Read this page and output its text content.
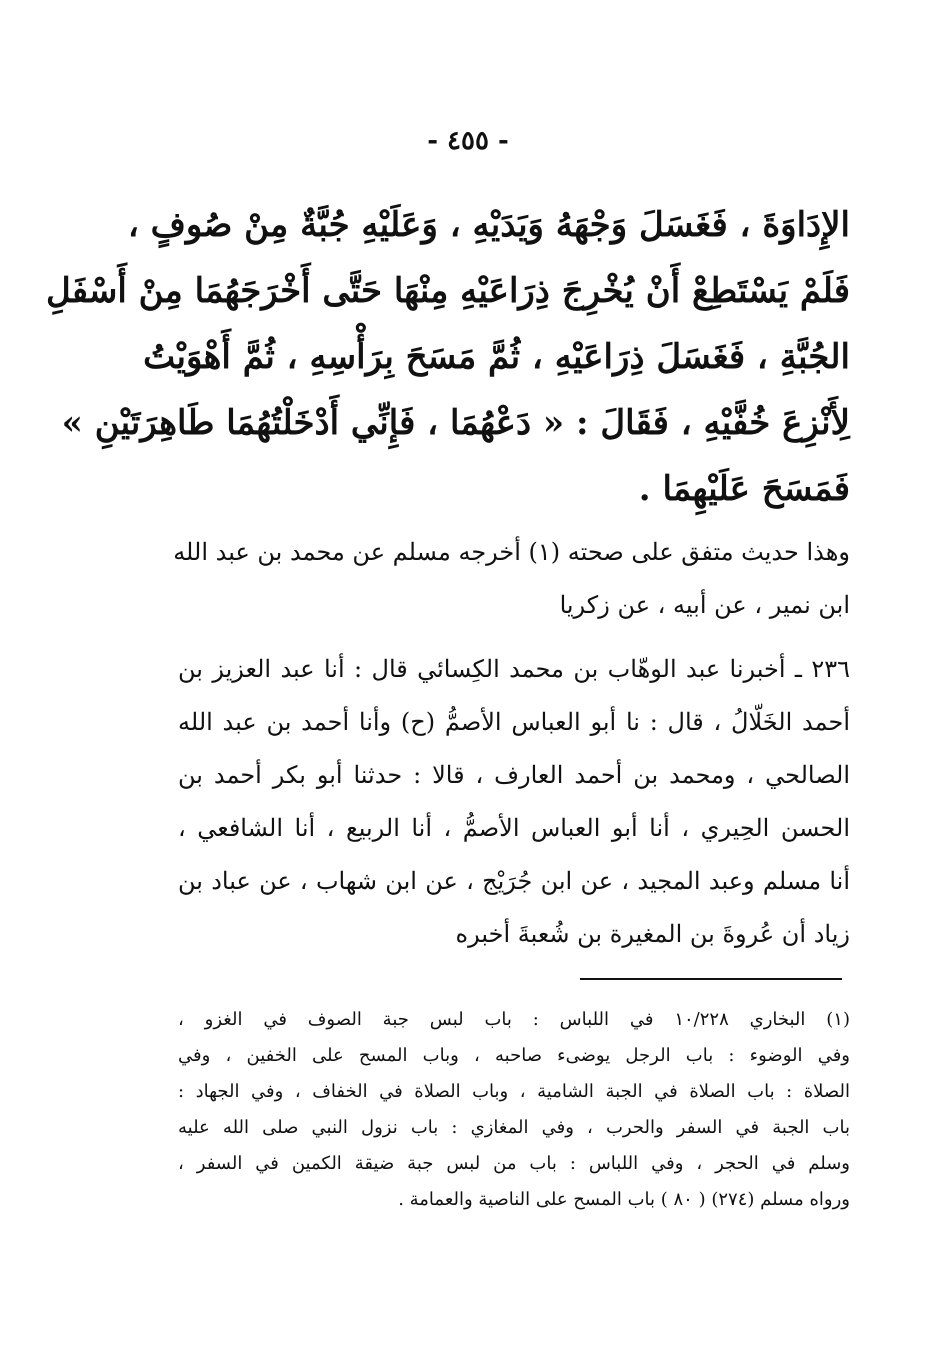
- ٤٥٥ -
الإِدَاوَةَ ، فَغَسَلَ وَجْهَهُ وَيَدَيْهِ ، وَعَلَيْهِ جُبَّةٌ مِنْ صُوفٍ ،
فَلَمْ يَسْتَطِعْ أَنْ يُخْرِجَ ذِرَاعَيْهِ مِنْهَا حَتَّى أَخْرَجَهُمَا مِنْ أَسْفَلِ
الجُبَّةِ ، فَغَسَلَ ذِرَاعَيْهِ ، ثُمَّ مَسَحَ بِرَأْسِهِ ، ثُمَّ أَهْوَيْتُ
لِأَنْزِعَ خُفَّيْهِ ، فَقَالَ : « دَعْهُمَا ، فَإِنِّي أَدْخَلْتُهُمَا طَاهِرَتَيْنِ »
فَمَسَحَ عَلَيْهِمَا .
وهذا حديث متفق على صحته (١) أخرجه مسلم عن محمد بن عبد الله
ابن نمير ، عن أبيه ، عن زكريا
٢٣٦ ـ أخبرنا عبد الوهّاب بن محمد الكِسائي قال : أنا عبد العزيز بن
أحمد الخَلّالُ ، قال : نا أبو العباس الأصمُّ (ح) وأنا أحمد بن عبد الله
الصالحي ، ومحمد بن أحمد العارف ، قالا : حدثنا أبو بكر أحمد بن
الحسن الحِيري ، أنا أبو العباس الأصمُّ ، أنا الربيع ، أنا الشافعي ،
أنا مسلم وعبد المجيد ، عن ابن جُرَيْج ، عن ابن شهاب ، عن عباد بن
زياد أن عُروةَ بن المغيرة بن شُعبةَ أخبره
(١) البخاري ١٠/٢٢٨ في اللباس : باب لبس جبة الصوف في الغزو ،
وفي الوضوء : باب الرجل يوضىء صاحبه ، وباب المسح على الخفين ، وفي
الصلاة : باب الصلاة في الجبة الشامية ، وباب الصلاة في الخفاف ، وفي الجهاد :
باب الجبة في السفر والحرب ، وفي المغازي : باب نزول النبي صلى الله عليه
وسلم في الحجر ، وفي اللباس : باب من لبس جبة ضيقة الكمين في السفر ،
ورواه مسلم (٢٧٤) ( ٨٠ ) باب المسح على الناصية والعمامة .
